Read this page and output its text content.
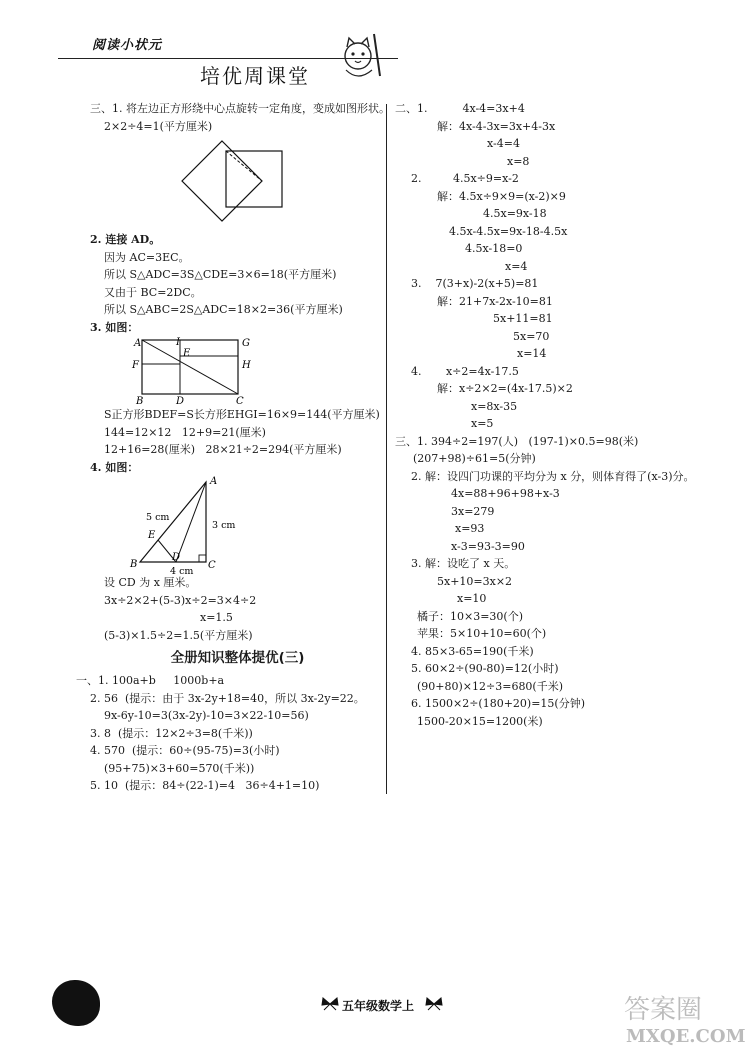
阅读小状元
培优周课堂
三、1. 将左边正方形绕中心点旋转一定角度，变成如图形状。
2×2÷4=1(平方厘米)
2. 连接 AD。
因为 AC=3EC。
所以 S△ADC=3S△CDE=3×6=18(平方厘米)
又由于 BC=2DC。
所以 S△ABC=2S△ADC=18×2=36(平方厘米)
3. 如图：
A	I	G
E
F	H
B	D	C
S正方形BDEF=S长方形EHGI=16×9=144(平方厘米)
144=12×12   12+9=21(厘米)
12+16=28(厘米)   28×21÷2=294(平方厘米)
4. 如图：
A
E
B
D
C
5 cm
3 cm
4 cm
设 CD 为 x 厘米。
3x÷2×2+(5-3)x÷2=3×4÷2
x=1.5
(5-3)×1.5÷2=1.5(平方厘米)
全册知识整体提优(三)
一、1. 100a+b     1000b+a
2. 56  (提示：由于 3x-2y+18=40，所以 3x-2y=22。
9x-6y-10=3(3x-2y)-10=3×22-10=56)
3. 8  (提示：12×2÷3=8(千米))
4. 570  (提示：60÷(95-75)=3(小时)
(95+75)×3+60=570(千米))
5. 10  (提示：84÷(22-1)=4   36÷4+1=10)
二、1.          4x-4=3x+4
解：4x-4-3x=3x+4-3x
x-4=4
x=8
2.         4.5x÷9=x-2
解：4.5x÷9×9=(x-2)×9
4.5x=9x-18
4.5x-4.5x=9x-18-4.5x
4.5x-18=0
x=4
3.    7(3+x)-2(x+5)=81
解：21+7x-2x-10=81
5x+11=81
5x=70
x=14
4.       x÷2=4x-17.5
解：x÷2×2=(4x-17.5)×2
x=8x-35
x=5
三、1. 394÷2=197(人)   (197-1)×0.5=98(米)
(207+98)÷61=5(分钟)
2. 解：设四门功课的平均分为 x 分，则体育得了(x-3)分。
4x=88+96+98+x-3
3x=279
x=93
x-3=93-3=90
3. 解：设吃了 x 天。
5x+10=3x×2
x=10
橘子：10×3=30(个)
苹果：5×10+10=60(个)
4. 85×3-65=190(千米)
5. 60×2÷(90-80)=12(小时)
(90+80)×12÷3=680(千米)
6. 1500×2÷(180+20)=15(分钟)
1500-20×15=1200(米)
五年级数学上	答案圈
MXQE.COM
